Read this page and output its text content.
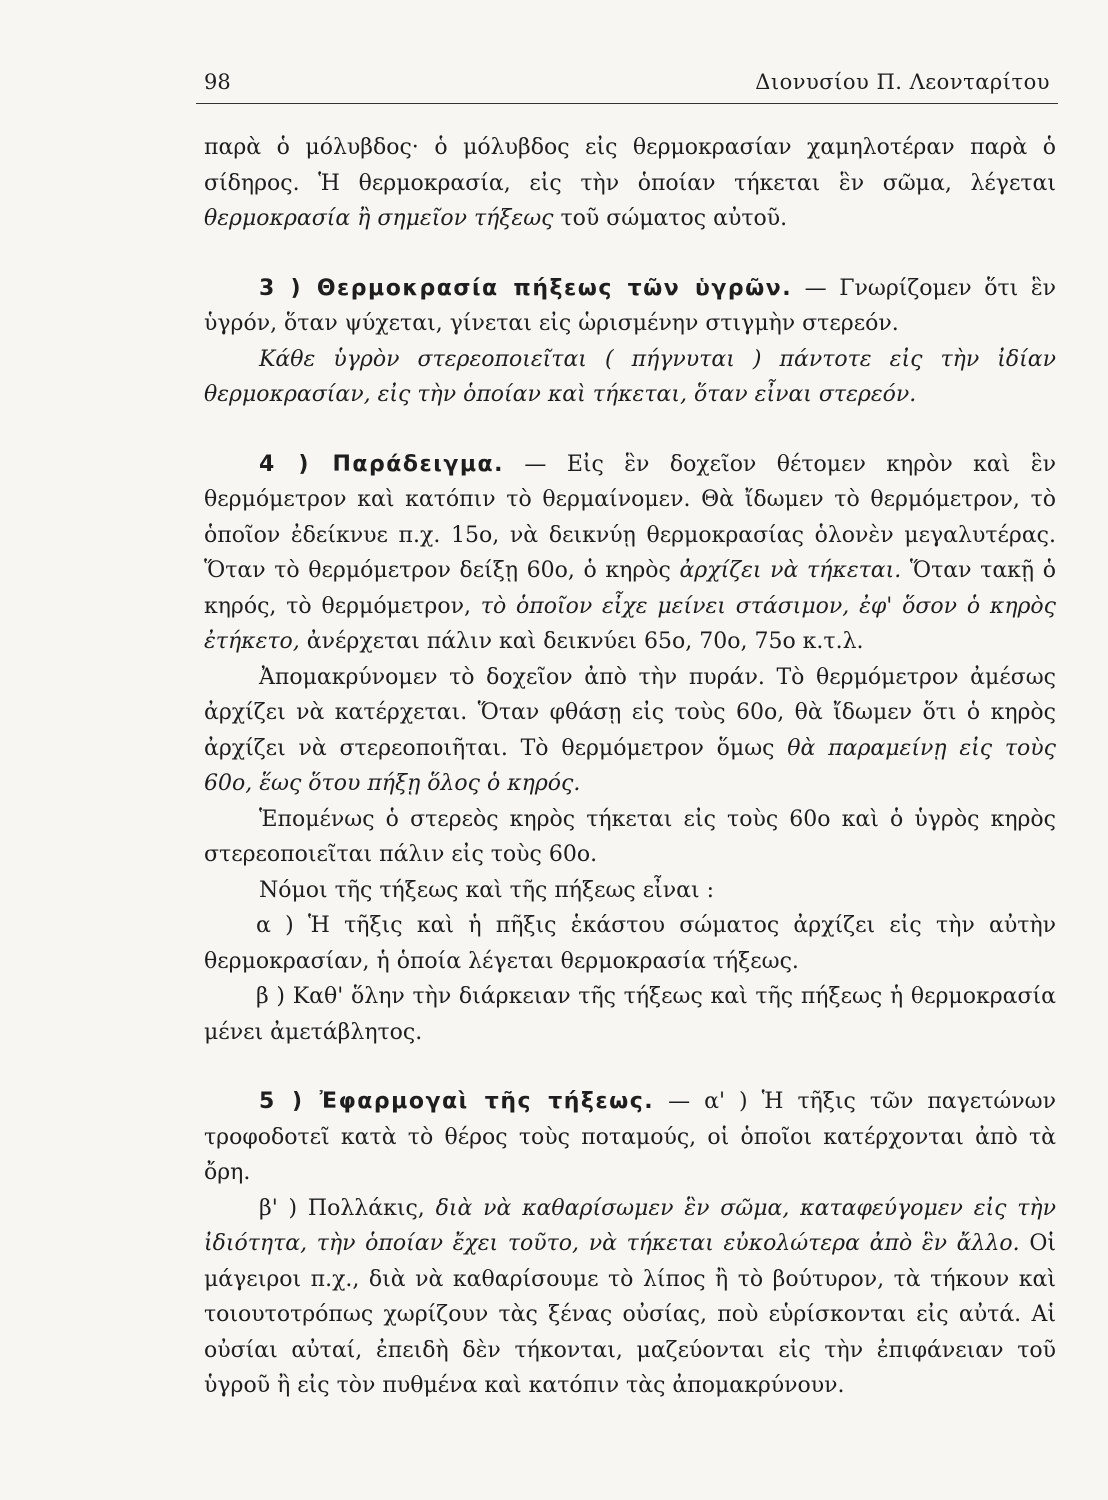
98	Διονυσίου Π. Λεονταρίτου

παρὰ ὁ μόλυβδος· ὁ μόλυβδος εἰς θερμοκρασίαν χαμηλοτέραν παρὰ ὁ σίδηρος. Ἡ θερμοκρασία, εἰς τὴν ὁποίαν τήκεται ἓν σῶμα, λέγεται θερμοκρασία ἢ σημεῖον τήξεως τοῦ σώματος αὐτοῦ.

3 ) Θερμοκρασία πήξεως τῶν ὑγρῶν. — Γνωρίζομεν ὅτι ἓν ὑγρόν, ὅταν ψύχεται, γίνεται εἰς ὡρισμένην στιγμὴν στερεόν.

Κάθε ὑγρὸν στερεοποιεῖται ( πήγνυται ) πάντοτε εἰς τὴν ἰδίαν θερμοκρασίαν, εἰς τὴν ὁποίαν καὶ τήκεται, ὅταν εἶναι στερεόν.

4 ) Παράδειγμα. — Εἰς ἓν δοχεῖον θέτομεν κηρὸν καὶ ἓν θερμόμετρον καὶ κατόπιν τὸ θερμαίνομεν. Θὰ ἴδωμεν τὸ θερμόμετρον, τὸ ὁποῖον ἐδείκνυε π.χ. 15ο, νὰ δεικνύῃ θερμοκρασίας ὁλονὲν μεγαλυτέρας. Ὅταν τὸ θερμόμετρον δείξῃ 60ο, ὁ κηρὸς ἀρχίζει νὰ τήκεται. Ὅταν τακῇ ὁ κηρός, τὸ θερμόμετρον, τὸ ὁποῖον εἶχε μείνει στάσιμον, ἐφ' ὅσον ὁ κηρὸς ἐτήκετο, ἀνέρχεται πάλιν καὶ δεικνύει 65ο, 70ο, 75ο κ.τ.λ.

Ἀπομακρύνομεν τὸ δοχεῖον ἀπὸ τὴν πυράν. Τὸ θερμόμετρον ἀμέσως ἀρχίζει νὰ κατέρχεται. Ὅταν φθάσῃ εἰς τοὺς 60ο, θὰ ἴδωμεν ὅτι ὁ κηρὸς ἀρχίζει νὰ στερεοποιῆται. Τὸ θερμόμετρον ὅμως θὰ παραμείνῃ εἰς τοὺς 60ο, ἕως ὅτου πήξῃ ὅλος ὁ κηρός.

Ἑπομένως ὁ στερεὸς κηρὸς τήκεται εἰς τοὺς 60ο καὶ ὁ ὑγρὸς κηρὸς στερεοποιεῖται πάλιν εἰς τοὺς 60ο.

Νόμοι τῆς τήξεως καὶ τῆς πήξεως εἶναι :

α ) Ἡ τῆξις καὶ ἡ πῆξις ἑκάστου σώματος ἀρχίζει εἰς τὴν αὐτὴν θερμοκρασίαν, ἡ ὁποία λέγεται θερμοκρασία τήξεως.

β ) Καθ' ὅλην τὴν διάρκειαν τῆς τήξεως καὶ τῆς πήξεως ἡ θερμοκρασία μένει ἀμετάβλητος.

5 ) Ἐφαρμογαὶ τῆς τήξεως. — α' ) Ἡ τῆξις τῶν παγετώνων τροφοδοτεῖ κατὰ τὸ θέρος τοὺς ποταμούς, οἱ ὁποῖοι κατέρχονται ἀπὸ τὰ ὄρη.

β' ) Πολλάκις, διὰ νὰ καθαρίσωμεν ἓν σῶμα, καταφεύγομεν εἰς τὴν ἰδιότητα, τὴν ὁποίαν ἔχει τοῦτο, νὰ τήκεται εὐκολώτερα ἀπὸ ἓν ἄλλο. Οἱ μάγειροι π.χ., διὰ νὰ καθαρίσουμε τὸ λίπος ἢ τὸ βούτυρον, τὰ τήκουν καὶ τοιουτοτρόπως χωρίζουν τὰς ξένας οὐσίας, ποὺ εὑρίσκονται εἰς αὐτά. Αἱ οὐσίαι αὐταί, ἐπειδὴ δὲν τήκονται, μαζεύονται εἰς τὴν ἐπιφάνειαν τοῦ ὑγροῦ ἢ εἰς τὸν πυθμένα καὶ κατόπιν τὰς ἀπομακρύνουν.
